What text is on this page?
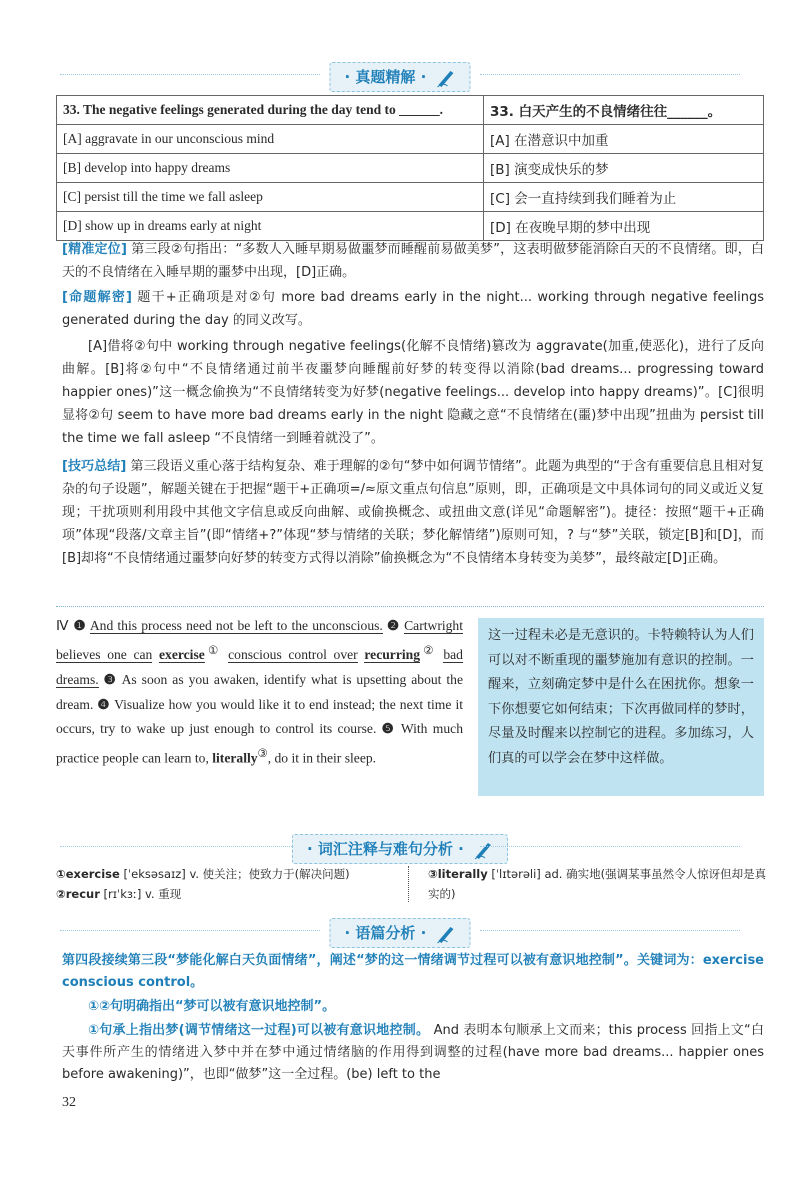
· 真题精解 ·
33. The negative feelings generated during the day tend to ______.	33. 白天产生的不良情绪往往______。
[A] aggravate in our unconscious mind	[A] 在潜意识中加重
[B] develop into happy dreams	[B] 演变成快乐的梦
[C] persist till the time we fall asleep	[C] 会一直持续到我们睡着为止
[D] show up in dreams early at night	[D] 在夜晚早期的梦中出现
[精准定位] 第三段②句指出：“多数人入睡早期易做噩梦而睡醒前易做美梦”，这表明做梦能消除白天的不良情绪。即，白天的不良情绪在入睡早期的噩梦中出现，[D]正确。
[命题解密] 题干+正确项是对②句 more bad dreams early in the night... working through negative feelings generated during the day 的同义改写。
[A]借将②句中 working through negative feelings(化解不良情绪)篡改为 aggravate(加重,使恶化)，进行了反向曲解。[B]将②句中“不良情绪通过前半夜噩梦向睡醒前好梦的转变得以消除(bad dreams... progressing toward happier ones)”这一概念偷换为“不良情绪转变为好梦(negative feelings... develop into happy dreams)”。[C]很明显将②句 seem to have more bad dreams early in the night 隐藏之意“不良情绪在(噩)梦中出现”扭曲为 persist till the time we fall asleep “不良情绪一到睡着就没了”。
[技巧总结] 第三段语义重心落于结构复杂、难于理解的②句“梦中如何调节情绪”。此题为典型的“于含有重要信息且相对复杂的句子设题”，解题关键在于把握“题干+正确项=/≈原文重点句信息”原则，即，正确项是文中具体词句的同义或近义复现；干扰项则利用段中其他文字信息或反向曲解、或偷换概念、或扭曲文意(详见“命题解密”)。捷径：按照“题干+正确项”体现“段落/文章主旨”(即“情绪+?”体现“梦与情绪的关联；梦化解情绪”)原则可知，? 与“梦”关联，锁定[B]和[D]，而[B]却将“不良情绪通过噩梦向好梦的转变方式得以消除”偷换概念为“不良情绪本身转变为美梦”，最终敲定[D]正确。
Ⅳ ❶ And this process need not be left to the unconscious. ❷ Cartwright believes one can exercise① conscious control over recurring② bad dreams. ❸ As soon as you awaken, identify what is upsetting about the dream. ❹ Visualize how you would like it to end instead; the next time it occurs, try to wake up just enough to control its course. ❺ With much practice people can learn to, literally③, do it in their sleep.
这一过程未必是无意识的。卡特赖特认为人们可以对不断重现的噩梦施加有意识的控制。一醒来，立刻确定梦中是什么在困扰你。想象一下你想要它如何结束；下次再做同样的梦时，尽量及时醒来以控制它的进程。多加练习，人们真的可以学会在梦中这样做。
· 词汇注释与难句分析 ·
①exercise [ˈeksəsaɪz] v. 使关注；使致力于(解决问题)
②recur [rɪˈkɜː] v. 重现
③literally [ˈlɪtərəli] ad. 确实地(强调某事虽然令人惊讶但却是真实的)
· 语篇分析 ·
第四段接续第三段“梦能化解白天负面情绪”，阐述“梦的这一情绪调节过程可以被有意识地控制”。关键词为：exercise conscious control。
①②句明确指出“梦可以被有意识地控制”。
①句承上指出梦(调节情绪这一过程)可以被有意识地控制。 And 表明本句顺承上文而来；this process 回指上文“白天事件所产生的情绪进入梦中并在梦中通过情绪脑的作用得到调整的过程(have more bad dreams... happier ones before awakening)”，也即“做梦”这一全过程。(be) left to the
32
